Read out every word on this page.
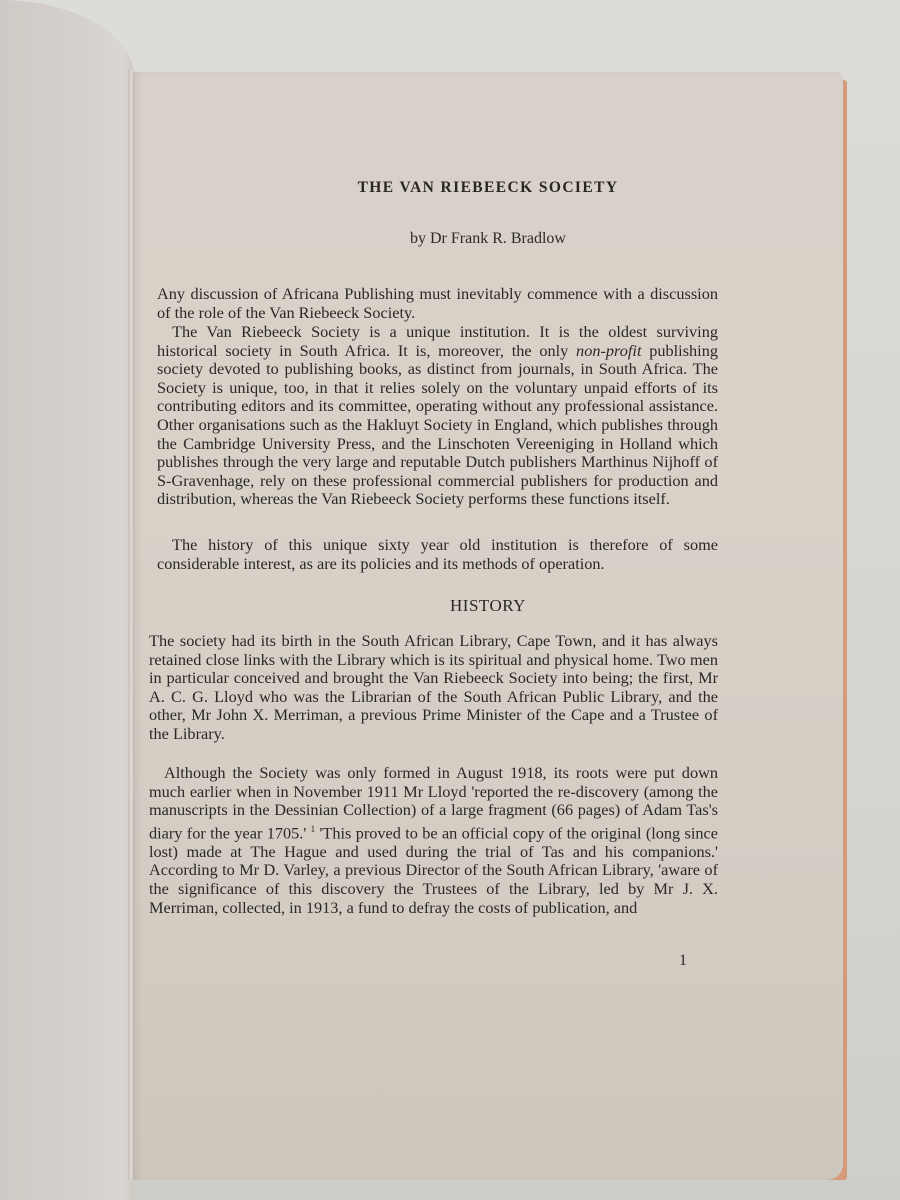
THE VAN RIEBEECK SOCIETY
by Dr Frank R. Bradlow

Any discussion of Africana Publishing must inevitably commence with a discussion of the role of the Van Riebeeck Society.

The Van Riebeeck Society is a unique institution. It is the oldest surviving historical society in South Africa. It is, moreover, the only non-profit publishing society devoted to publishing books, as distinct from journals, in South Africa. The Society is unique, too, in that it relies solely on the voluntary unpaid efforts of its contributing editors and its committee, operating without any professional assistance. Other organisations such as the Hakluyt Society in England, which publishes through the Cambridge University Press, and the Linschoten Vereeniging in Holland which publishes through the very large and reputable Dutch publishers Marthinus Nijhoff of S-Gravenhage, rely on these professional commercial publishers for production and distribution, whereas the Van Riebeeck Society performs these functions itself.

The history of this unique sixty year old institution is therefore of some considerable interest, as are its policies and its methods of operation.

HISTORY

The society had its birth in the South African Library, Cape Town, and it has always retained close links with the Library which is its spiritual and physical home. Two men in particular conceived and brought the Van Riebeeck Society into being; the first, Mr A. C. G. Lloyd who was the Librarian of the South African Public Library, and the other, Mr John X. Merriman, a previous Prime Minister of the Cape and a Trustee of the Library.

Although the Society was only formed in August 1918, its roots were put down much earlier when in November 1911 Mr Lloyd 'reported the re-discovery (among the manuscripts in the Dessinian Collection) of a large fragment (66 pages) of Adam Tas's diary for the year 1705.' $^1$ 'This proved to be an official copy of the original (long since lost) made at The Hague and used during the trial of Tas and his companions.' According to Mr D. Varley, a previous Director of the South African Library, 'aware of the significance of this discovery the Trustees of the Library, led by Mr J. X. Merriman, collected, in 1913, a fund to defray the costs of publication, and

1
